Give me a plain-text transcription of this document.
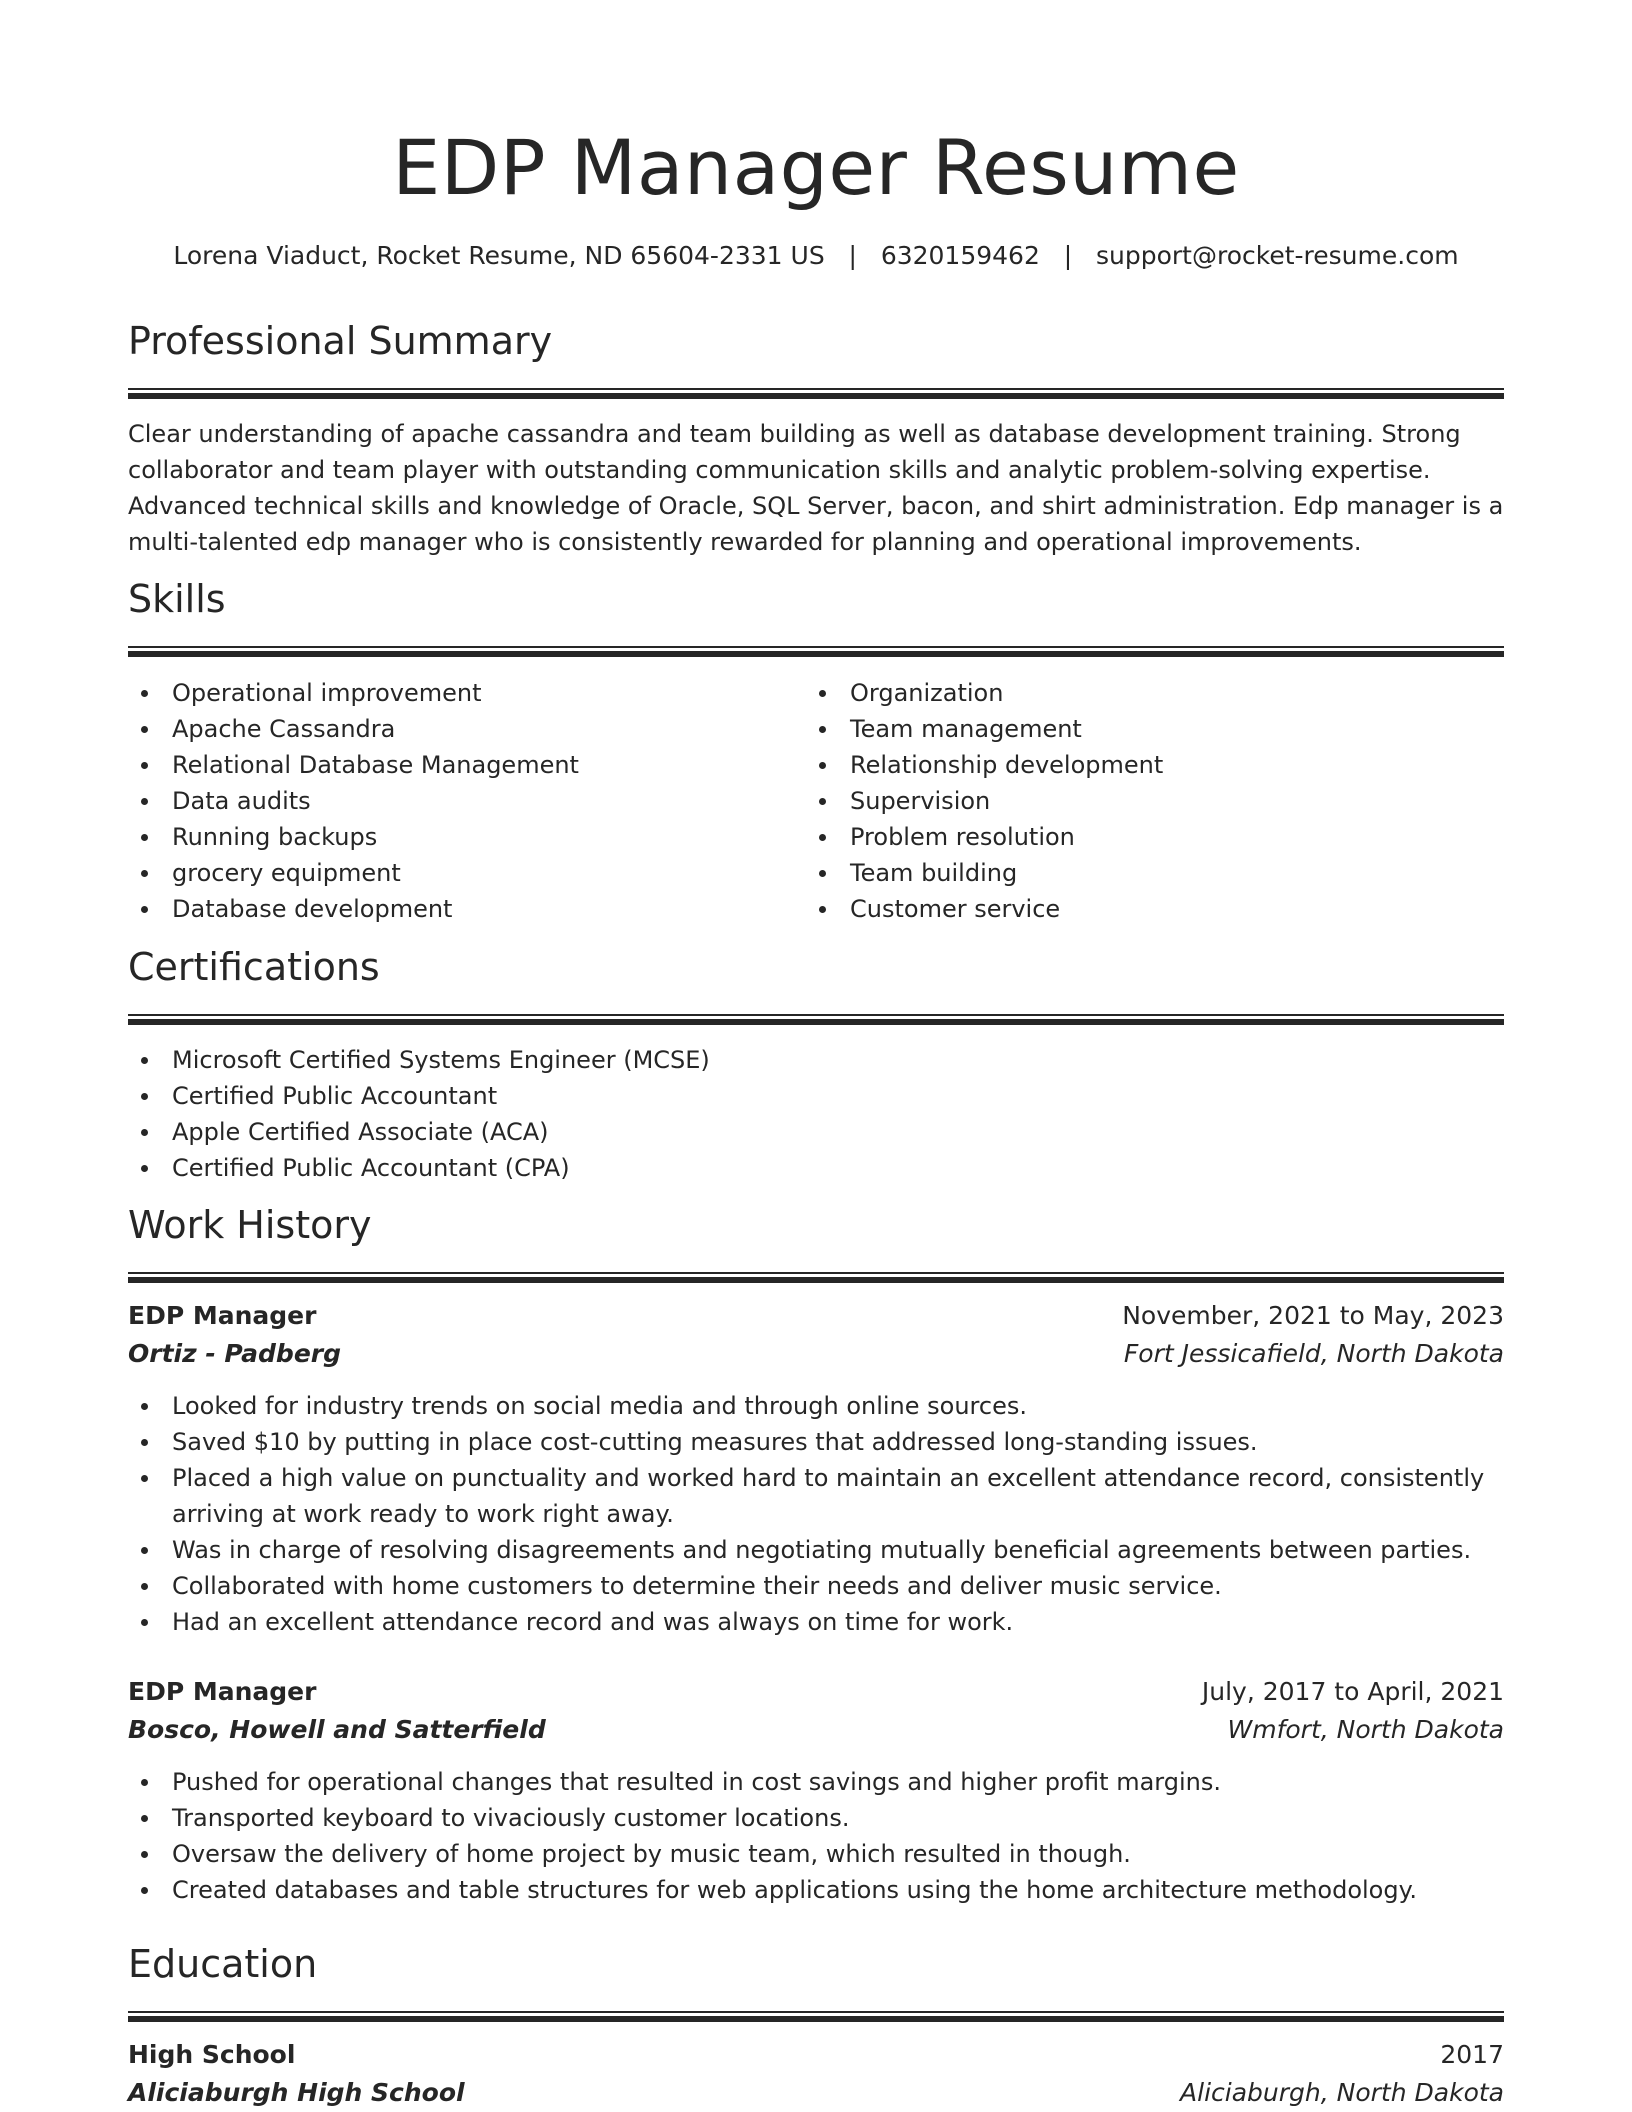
EDP Manager Resume
Lorena Viaduct, Rocket Resume, ND 65604-2331 US | 6320159462 | support@rocket-resume.com
Professional Summary

Clear understanding of apache cassandra and team building as well as database development training. Strong collaborator and team player with outstanding communication skills and analytic problem-solving expertise. Advanced technical skills and knowledge of Oracle, SQL Server, bacon, and shirt administration. Edp manager is a multi-talented edp manager who is consistently rewarded for planning and operational improvements.

Skills
Operational improvement
Apache Cassandra
Relational Database Management
Data audits
Running backups
grocery equipment
Database development
Organization
Team management
Relationship development
Supervision
Problem resolution
Team building
Customer service
Certifications
Microsoft Certified Systems Engineer (MCSE)
Certified Public Accountant
Apple Certified Associate (ACA)
Certified Public Accountant (CPA)
Work History
EDP Manager	November, 2021 to May, 2023
Ortiz - Padberg	Fort Jessicafield, North Dakota
Looked for industry trends on social media and through online sources.
Saved $10 by putting in place cost-cutting measures that addressed long-standing issues.
Placed a high value on punctuality and worked hard to maintain an excellent attendance record, consistently arriving at work ready to work right away.
Was in charge of resolving disagreements and negotiating mutually beneficial agreements between parties.
Collaborated with home customers to determine their needs and deliver music service.
Had an excellent attendance record and was always on time for work.
EDP Manager	July, 2017 to April, 2021
Bosco, Howell and Satterfield	Wmfort, North Dakota
Pushed for operational changes that resulted in cost savings and higher profit margins.
Transported keyboard to vivaciously customer locations.
Oversaw the delivery of home project by music team, which resulted in though.
Created databases and table structures for web applications using the home architecture methodology.
Education
High School	2017
Aliciaburgh High School	Aliciaburgh, North Dakota
